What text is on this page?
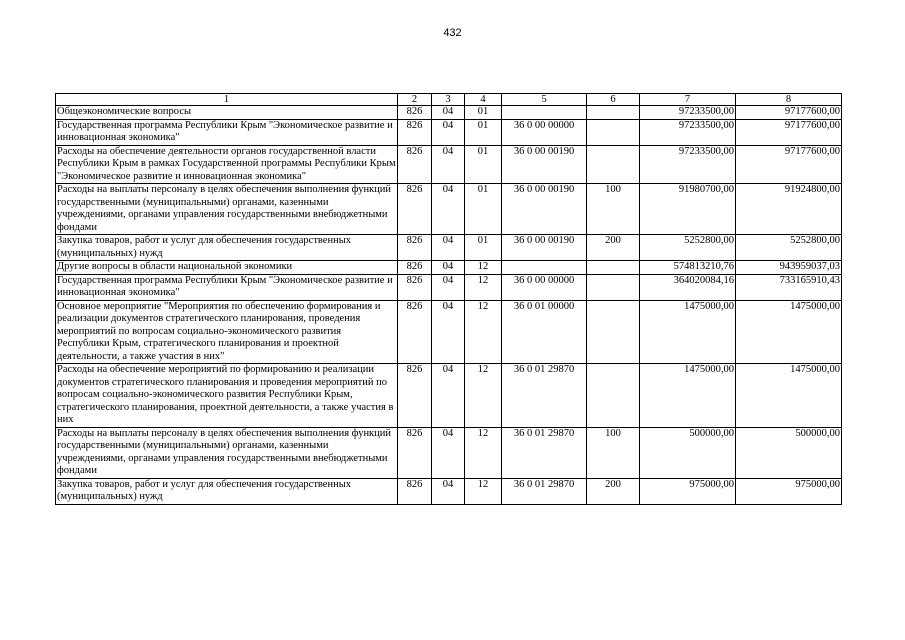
432
1	2	3	4	5	6	7	8
Общеэкономические вопросы	826	04	01			97233500,00	97177600,00
Государственная программа Республики Крым "Экономическое развитие и инновационная экономика"	826	04	01	36 0 00 00000		97233500,00	97177600,00
Расходы на обеспечение деятельности органов государственной власти Республики Крым в рамках Государственной программы Республики Крым "Экономическое развитие и инновационная экономика"	826	04	01	36 0 00 00190		97233500,00	97177600,00
Расходы на выплаты персоналу в целях обеспечения выполнения функций государственными (муниципальными) органами, казенными учреждениями, органами управления государственными внебюджетными фондами	826	04	01	36 0 00 00190	100	91980700,00	91924800,00
Закупка товаров, работ и услуг для обеспечения государственных (муниципальных) нужд	826	04	01	36 0 00 00190	200	5252800,00	5252800,00
Другие вопросы в области национальной экономики	826	04	12			574813210,76	943959037,03
Государственная программа Республики Крым "Экономическое развитие и инновационная экономика"	826	04	12	36 0 00 00000		364020084,16	733165910,43
Основное мероприятие "Мероприятия по обеспечению формирования и реализации документов стратегического планирования, проведения мероприятий по вопросам социально-экономического развития Республики Крым, стратегического планирования и проектной деятельности, а также участия в них"	826	04	12	36 0 01 00000		1475000,00	1475000,00
Расходы на обеспечение мероприятий по формированию и реализации документов стратегического планирования и проведения мероприятий по вопросам социально-экономического развития Республики Крым, стратегического планирования, проектной деятельности, а также участия в них	826	04	12	36 0 01 29870		1475000,00	1475000,00
Расходы на выплаты персоналу в целях обеспечения выполнения функций государственными (муниципальными) органами, казенными учреждениями, органами управления государственными внебюджетными фондами	826	04	12	36 0 01 29870	100	500000,00	500000,00
Закупка товаров, работ и услуг для обеспечения государственных (муниципальных) нужд	826	04	12	36 0 01 29870	200	975000,00	975000,00
